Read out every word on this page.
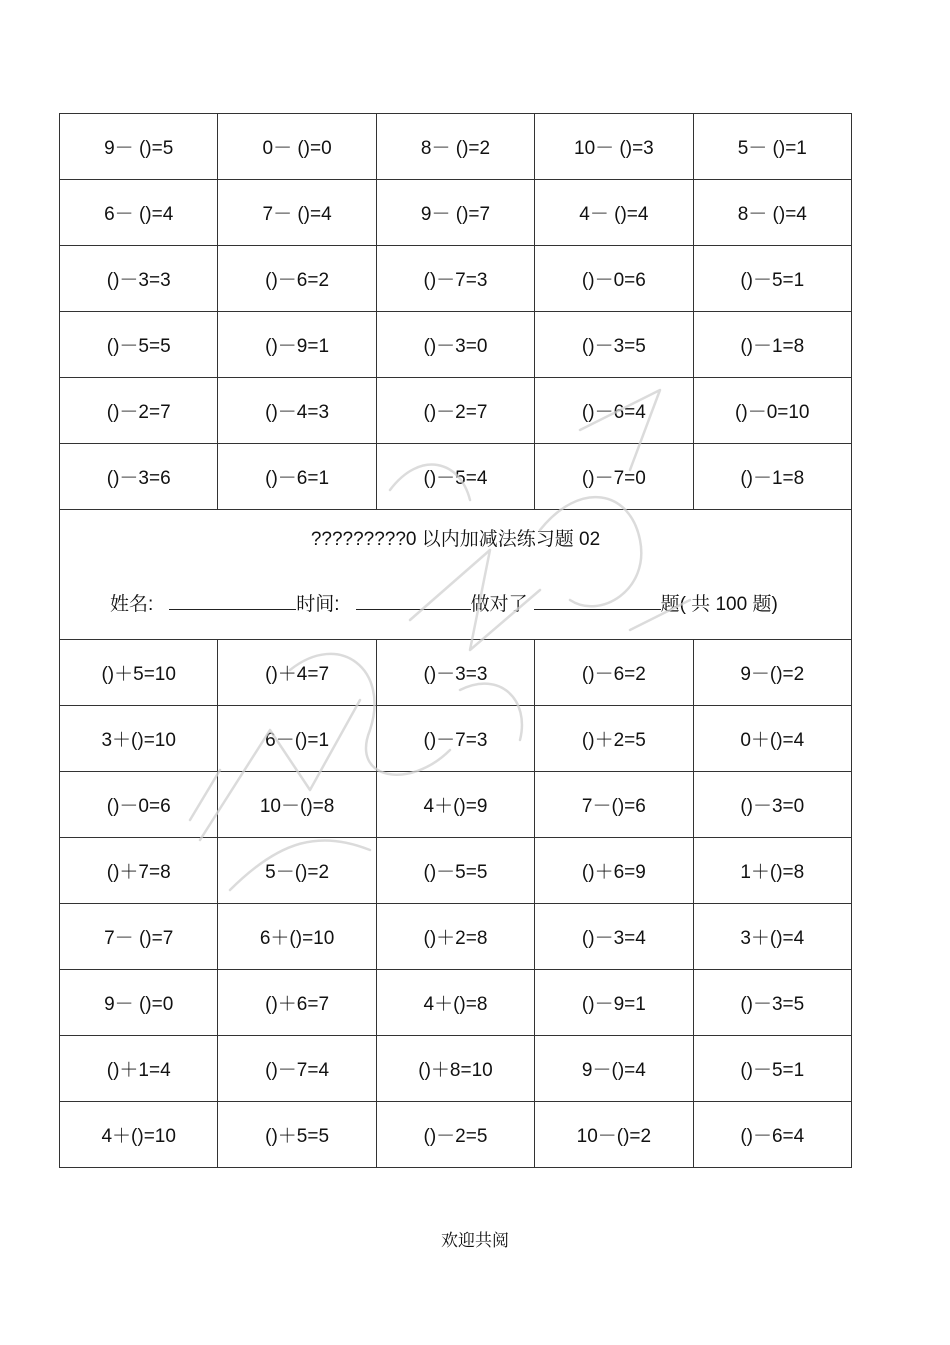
9－ ()=5	0－ ()=0	8－ ()=2	10－ ()=3	5－ ()=1
6－ ()=4	7－ ()=4	9－ ()=7	4－ ()=4	8－ ()=4
()－3=3	()－6=2	()－7=3	()－0=6	()－5=1
()－5=5	()－9=1	()－3=0	()－3=5	()－1=8
()－2=7	()－4=3	()－2=7	()－6=4	()－0=10
()－3=6	()－6=1	()－5=4	()－7=0	()－1=8

?????????0 以内加减法练习题 02
姓名: 时间: 做对了 题( 共 100 题)				

()＋5=10	()＋4=7	()－3=3	()－6=2	9－()=2
3＋()=10	6－()=1	()－7=3	()＋2=5	0＋()=4
()－0=6	10－()=8	4＋()=9	7－()=6	()－3=0
()＋7=8	5－()=2	()－5=5	()＋6=9	1＋()=8
7－ ()=7	6＋()=10	()＋2=8	()－3=4	3＋()=4
9－ ()=0	()＋6=7	4＋()=8	()－9=1	()－3=5
()＋1=4	()－7=4	()＋8=10	9－()=4	()－5=1
4＋()=10	()＋5=5	()－2=5	10－()=2	()－6=4
欢迎共阅
